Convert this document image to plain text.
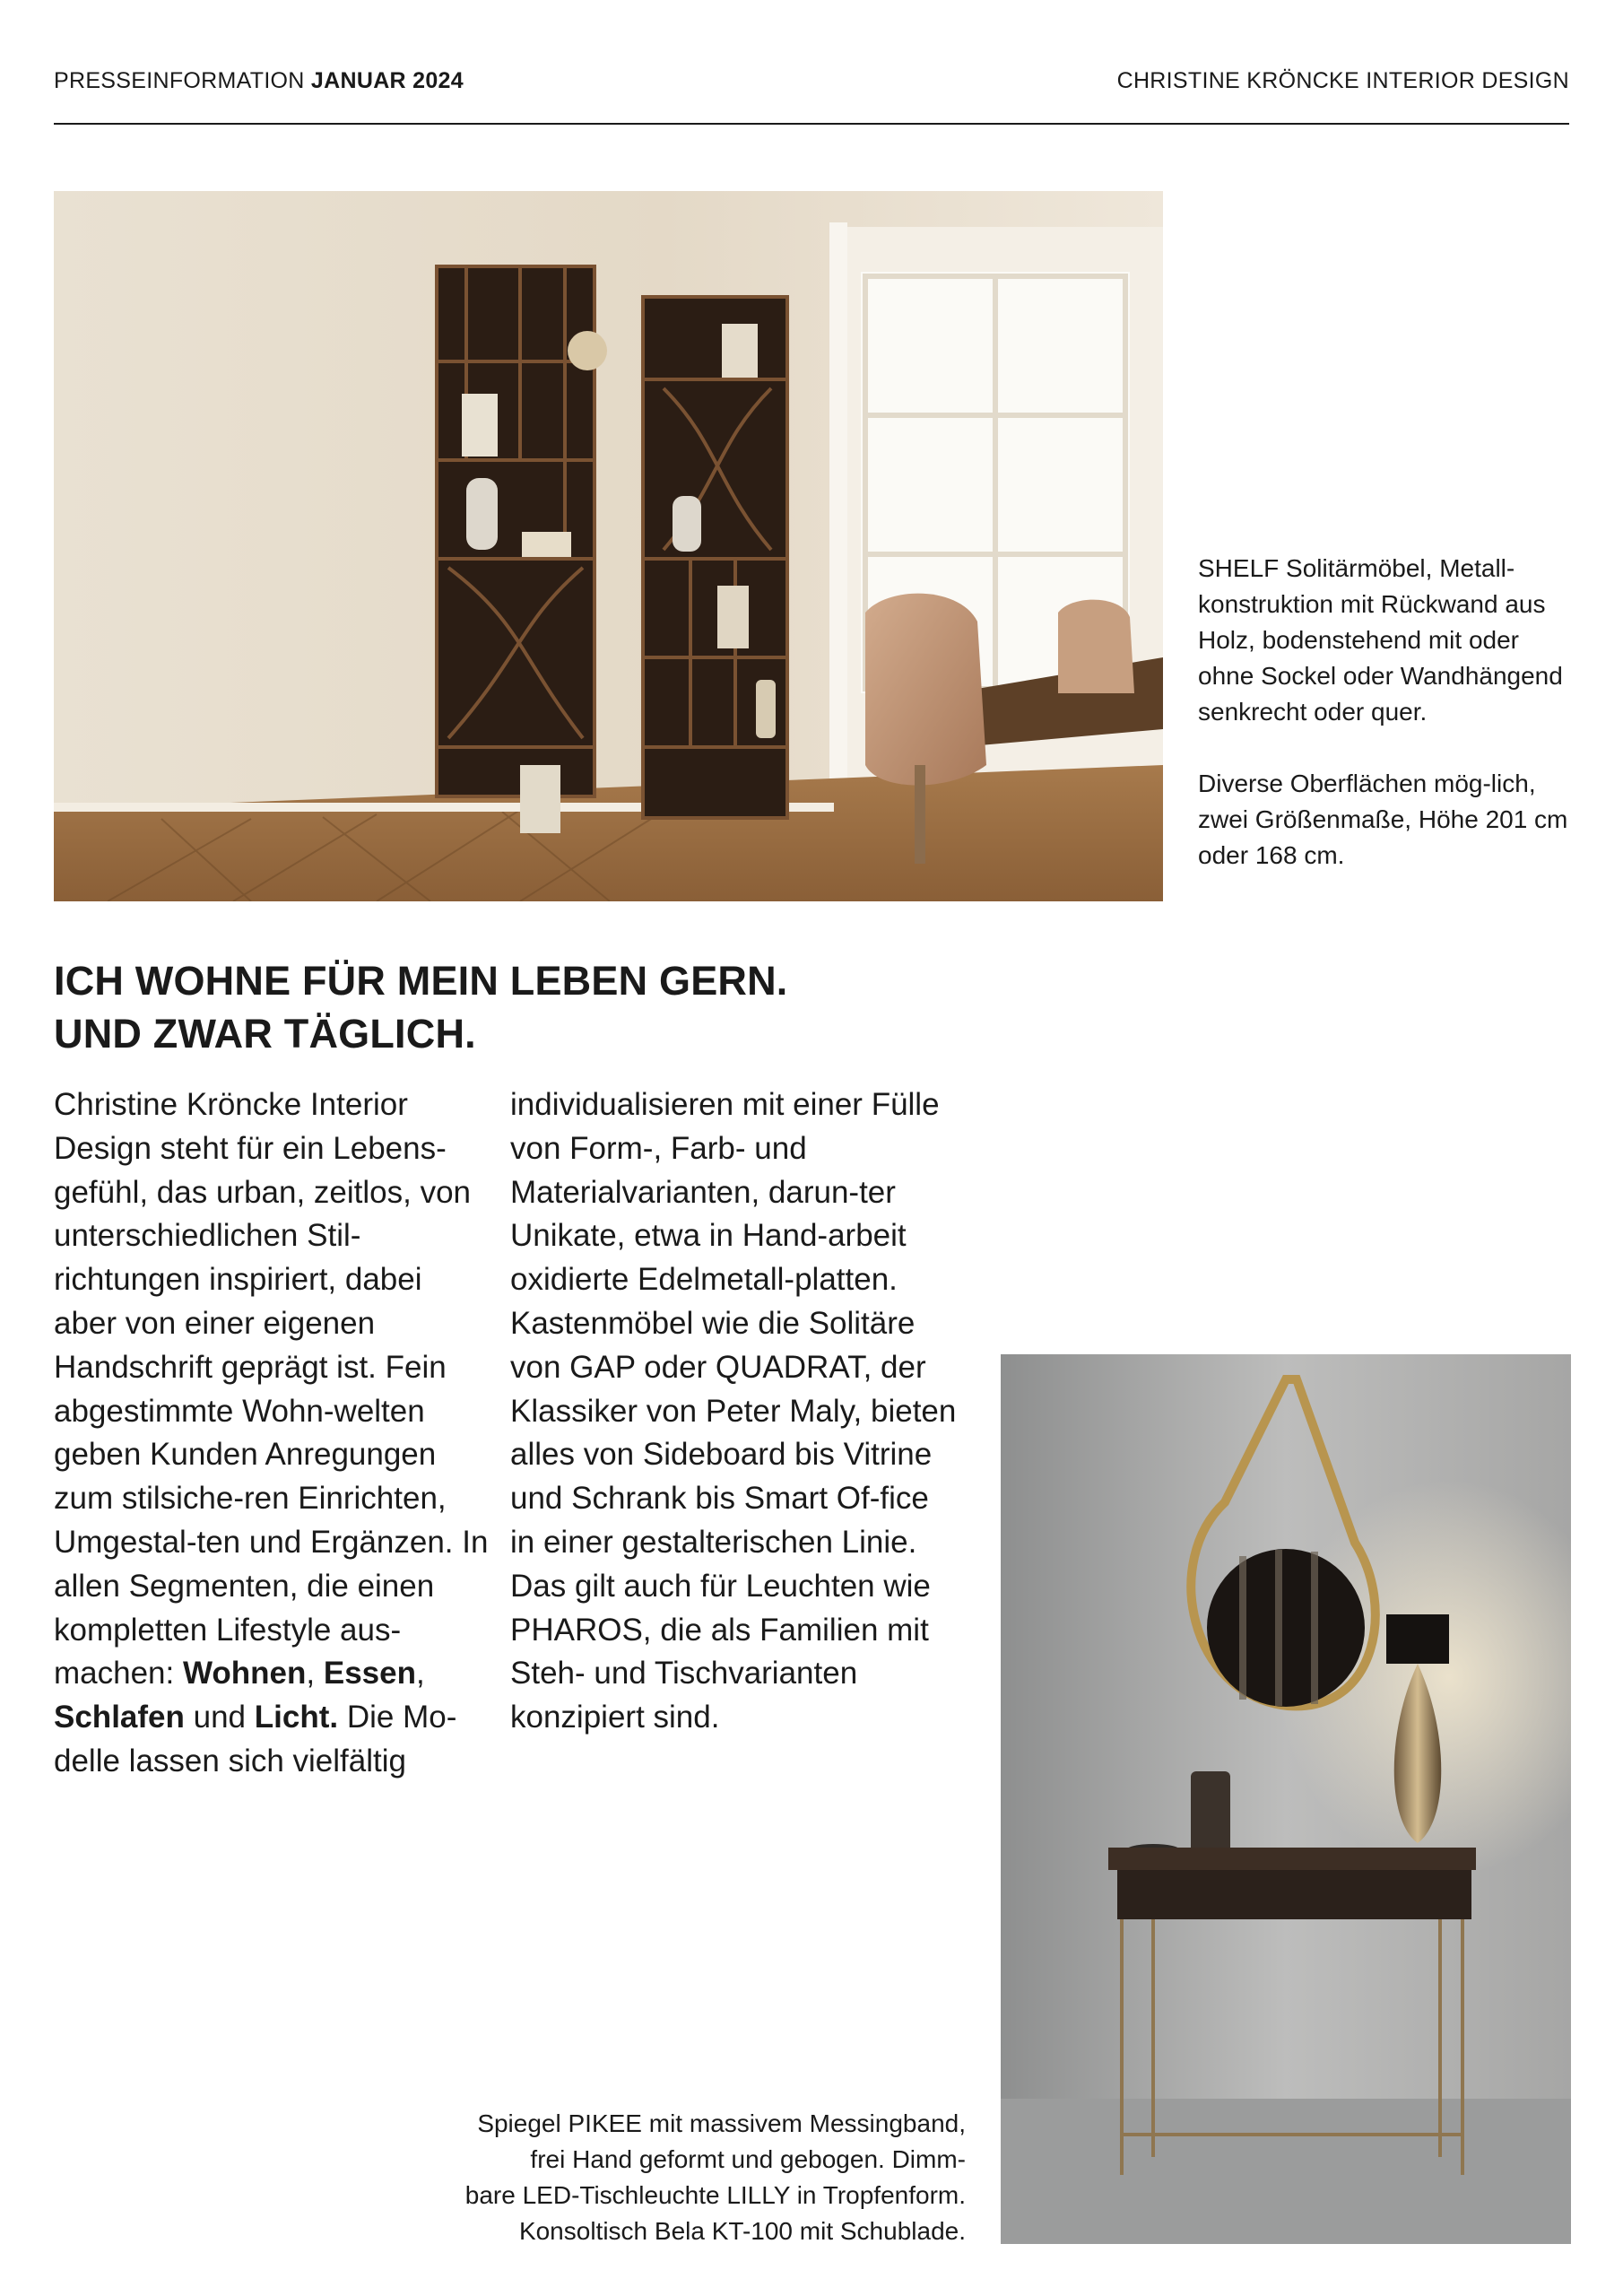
PRESSEINFORMATION JANUAR 2024	CHRISTINE KRÖNCKE INTERIOR DESIGN

SHELF Solitärmöbel, Metall-konstruktion mit Rückwand aus Holz, bodenstehend mit oder ohne Sockel oder Wandhängend senkrecht oder quer.

Diverse Oberflächen mög-lich, zwei Größenmaße, Höhe 201 cm oder 168 cm.

ICH WOHNE FÜR MEIN LEBEN GERN.
UND ZWAR TÄGLICH.
Christine Kröncke Interior Design steht für ein Lebens-gefühl, das urban, zeitlos, von unterschiedlichen Stil-richtungen inspiriert, dabei aber von einer eigenen Handschrift geprägt ist. Fein abgestimmte Wohn-welten geben Kunden Anregungen zum stilsiche-ren Einrichten, Umgestal-ten und Ergänzen. In allen Segmenten, die einen kompletten Lifestyle aus-machen: Wohnen, Essen, Schlafen und Licht. Die Mo-delle lassen sich vielfältig
individualisieren mit einer Fülle von Form-, Farb- und Materialvarianten, darun-ter Unikate, etwa in Hand-arbeit oxidierte Edelmetall-platten. Kastenmöbel wie die Solitäre von GAP oder QUADRAT, der Klassiker von Peter Maly, bieten alles von Sideboard bis Vitrine und Schrank bis Smart Of-fice in einer gestalterischen Linie. Das gilt auch für Leuchten wie PHAROS, die als Familien mit Steh- und Tischvarianten konzipiert sind.
Spiegel PIKEE mit massivem Messingband,
frei Hand geformt und gebogen. Dimm-
bare LED-Tischleuchte LILLY in Tropfenform.
Konsoltisch Bela KT-100 mit Schublade.
